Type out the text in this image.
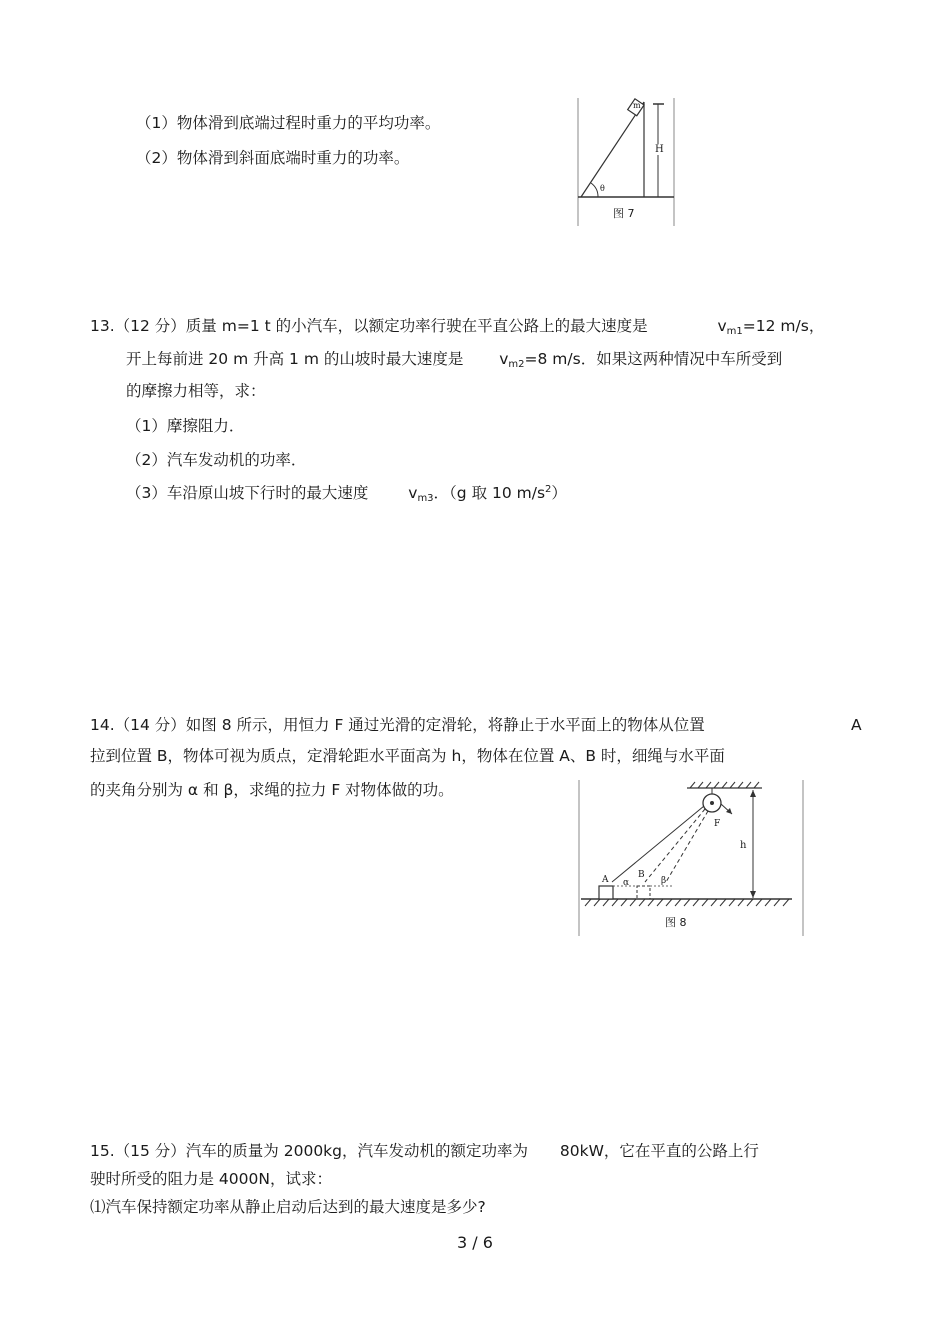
（1）物体滑到底端过程时重力的平均功率。
（2）物体滑到斜面底端时重力的功率。
m
H
θ
图 7
13.（12 分）质量 m=1 t 的小汽车，以额定功率行驶在平直公路上的最大速度是	vm1=12 m/s，
开上每前进 20 m 升高 1 m 的山坡时最大速度是 vm2=8 m/s．如果这两种情况中车所受到
的摩擦力相等，求：
（1）摩擦阻力．
（2）汽车发动机的功率．
（3）车沿原山坡下行时的最大速度	vm3．（g 取 10 $m/s^2$）
14.（14 分）如图 8 所示，用恒力 F 通过光滑的定滑轮，将静止于水平面上的物体从位置	A
拉到位置 B，物体可视为质点，定滑轮距水平面高为 h，物体在位置 A、B 时，细绳与水平面
的夹角分别为 α 和 β，求绳的拉力 F 对物体做的功。
F
h
A α
B
β
图 8
15.（15 分）汽车的质量为 2000kg，汽车发动机的额定功率为 80kW，它在平直的公路上行
驶时所受的阻力是 4000N，试求：
⑴汽车保持额定功率从静止启动后达到的最大速度是多少?
3 / 6
